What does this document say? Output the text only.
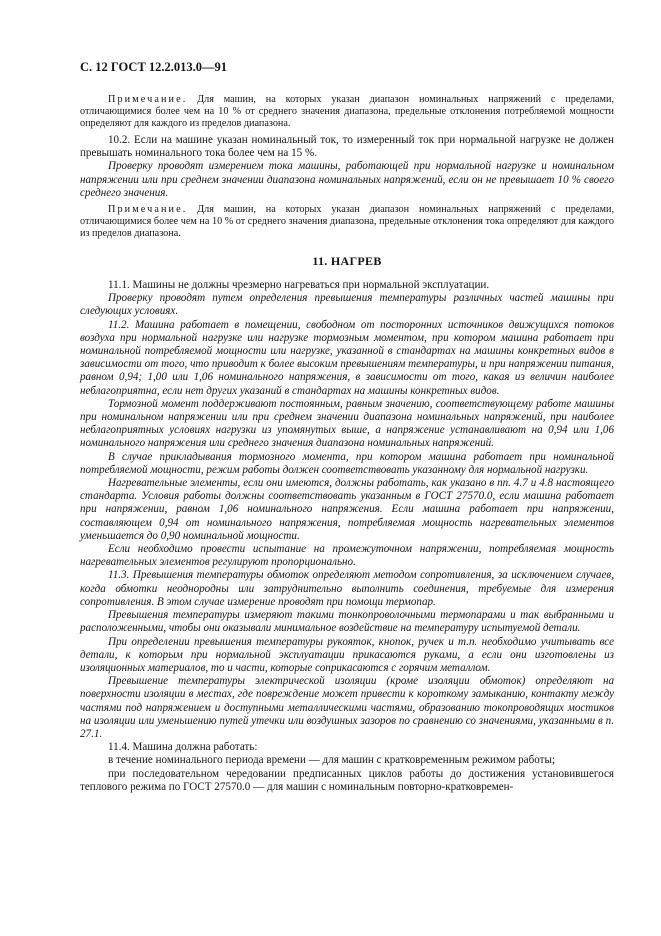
С. 12 ГОСТ 12.2.013.0—91

Примечание. Для машин, на которых указан диапазон номинальных напряжений с пределами, отличающимися более чем на 10 % от среднего значения диапазона, предельные отклонения потребляемой мощности определяют для каждого из пределов диапазона.

10.2. Если на машине указан номинальный ток, то измеренный ток при нормальной нагрузке не должен превышать номинального тока более чем на 15 %.

Проверку проводят измерением тока машины, работающей при нормальной нагрузке и номинальном напряжении или при среднем значении диапазона номинальных напряжений, если он не превышает 10 % своего среднего значения.

Примечание. Для машин, на которых указан диапазон номинальных напряжений с пределами, отличающимися более чем на 10 % от среднего значения диапазона, предельные отклонения тока определяют для каждого из пределов диапазона.

11. НАГРЕВ

11.1. Машины не должны чрезмерно нагреваться при нормальной эксплуатации.

Проверку проводят путем определения превышения температуры различных частей машины при следующих условиях.

11.2. Машина работает в помещении, свободном от посторонних источников движущихся потоков воздуха при нормальной нагрузке или нагрузке тормозным моментом, при котором машина работает при номинальной потребляемой мощности или нагрузке, указанной в стандартах на машины конкретных видов в зависимости от того, что приводит к более высоким превышениям температуры, и при напряжении питания, равном 0,94; 1,00 или 1,06 номинального напряжения, в зависимости от того, какая из величин наиболее неблагоприятна, если нет других указаний в стандартах на машины конкретных видов.

Тормозной момент поддерживают постоянным, равным значению, соответствующему работе машины при номинальном напряжении или при среднем значении диапазона номинальных напряжений, при наиболее неблагоприятных условиях нагрузки из упомянутых выше, а напряжение устанавливают на 0,94 или 1,06 номинального напряжения или среднего значения диапазона номинальных напряжений.

В случае прикладывания тормозного момента, при котором машина работает при номинальной потребляемой мощности, режим работы должен соответствовать указанному для нормальной нагрузки.

Нагревательные элементы, если они имеются, должны работать, как указано в пп. 4.7 и 4.8 настоящего стандарта. Условия работы должны соответствовать указанным в ГОСТ 27570.0, если машина работает при напряжении, равном 1,06 номинального напряжения. Если машина работает при напряжении, составляющем 0,94 от номинального напряжения, потребляемая мощность нагревательных элементов уменьшается до 0,90 номинальной мощности.

Если необходимо провести испытание на промежуточном напряжении, потребляемая мощность нагревательных элементов регулируют пропорционально.

11.3. Превышения температуры обмоток определяют методом сопротивления, за исключением случаев, когда обмотки неоднородны или затруднительно выполнить соединения, требуемые для измерения сопротивления. В этом случае измерение проводят при помощи термопар.

Превышения температуры измеряют такими тонкопроволочными термопарами и так выбранными и расположенными, чтобы они оказывали минимальное воздействие на температуру испытуемой детали.

При определении превышения температуры рукояток, кнопок, ручек и т.п. необходимо учитывать все детали, к которым при нормальной эксплуатации прикасаются руками, а если они изготовлены из изоляционных материалов, то и части, которые соприкасаются с горячим металлом.

Превышение температуры электрической изоляции (кроме изоляции обмоток) определяют на поверхности изоляции в местах, где повреждение может привести к короткому замыканию, контакту между частями под напряжением и доступными металлическими частями, образованию токопроводящих мостиков на изоляции или уменьшению путей утечки или воздушных зазоров по сравнению со значениями, указанными в п. 27.1.

11.4. Машина должна работать:

в течение номинального периода времени — для машин с кратковременным режимом работы;

при последовательном чередовании предписанных циклов работы до достижения установившегося теплового режима по ГОСТ 27570.0 — для машин с номинальным повторно-кратковремен-
